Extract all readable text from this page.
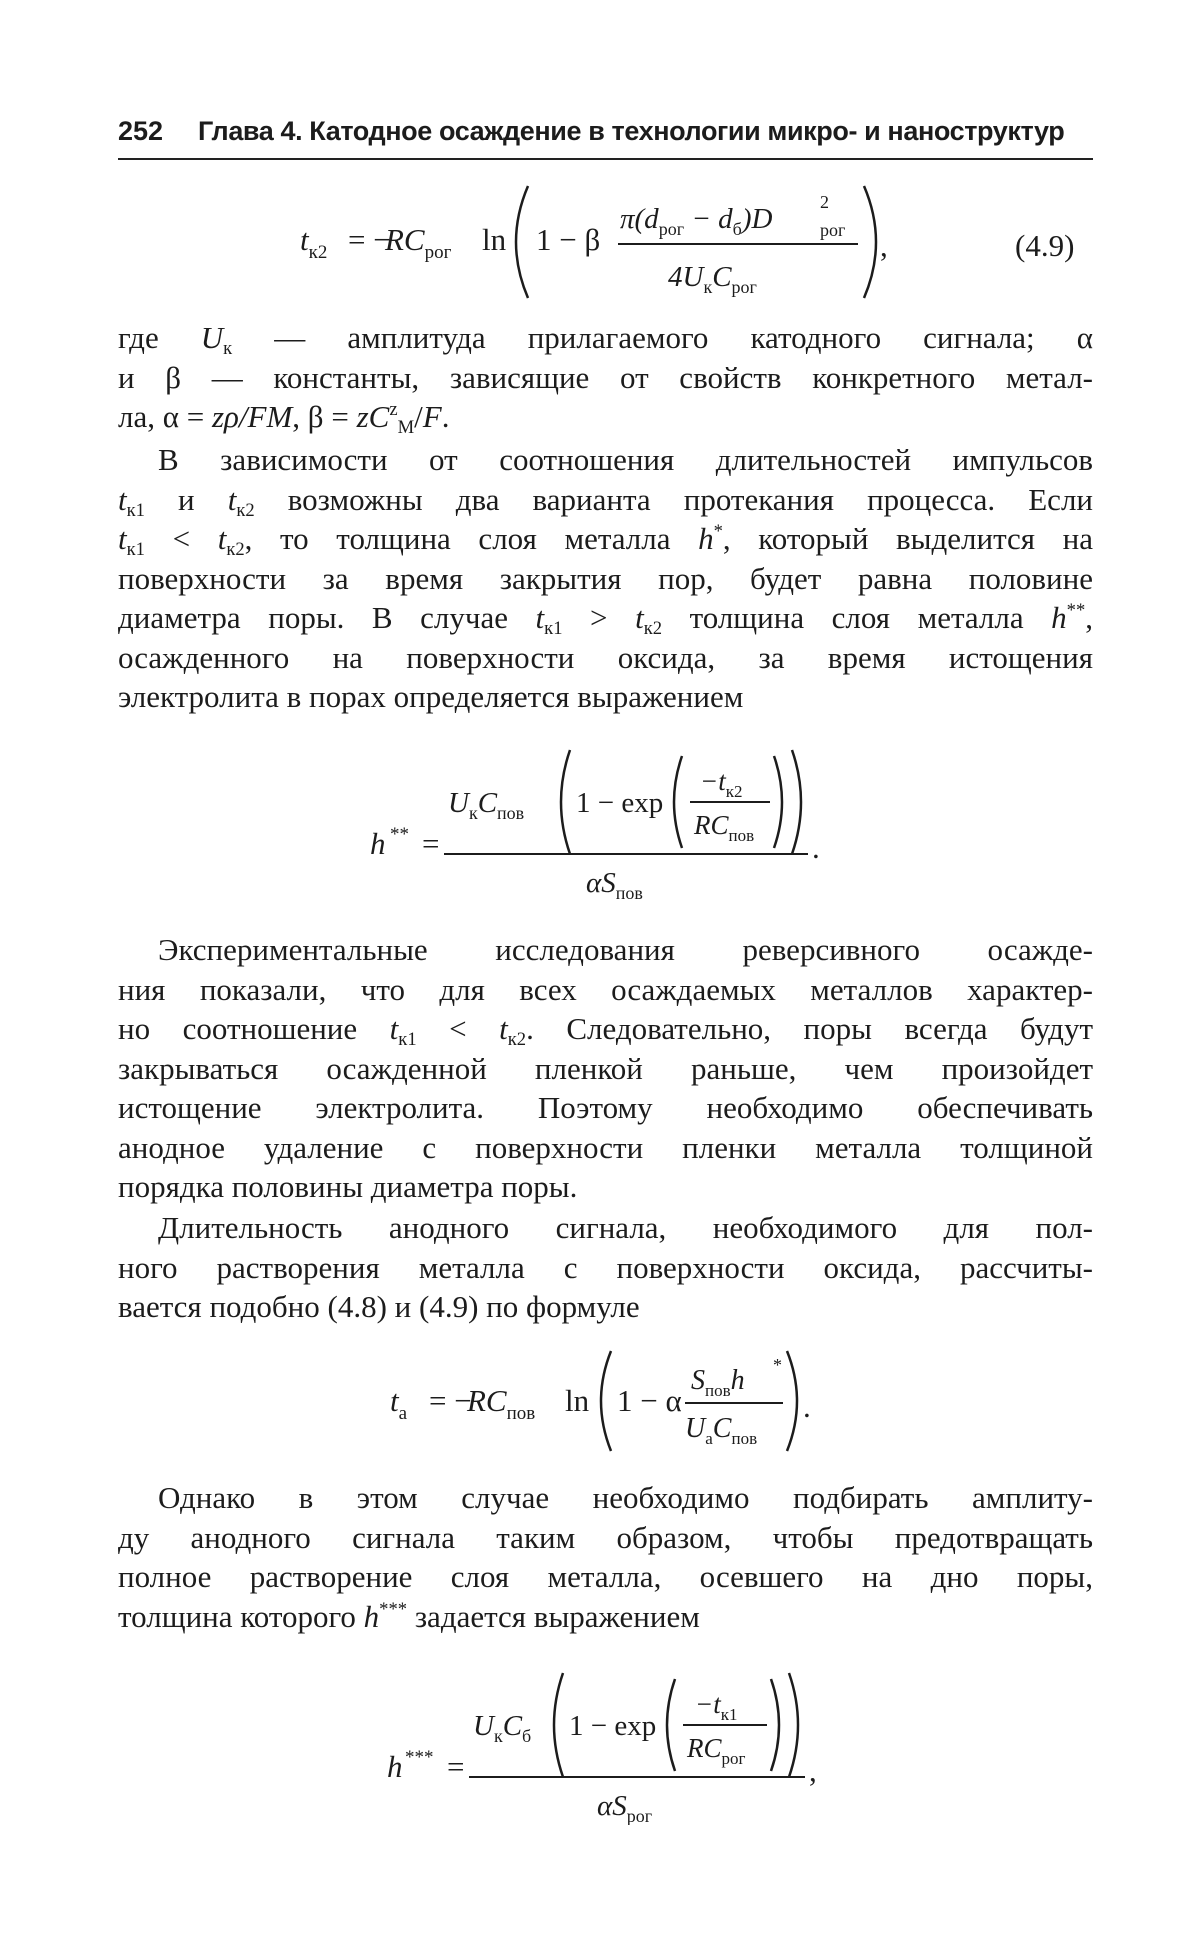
252 Глава 4. Катодное осаждение в технологии микро- и наноструктур
$t_{к2}$ = −
$RC_{рог}$ ln 1 − β
$\pi(d_{рог} - d_б)D$
2
рог
$4U_кC_{рог}$
,	(4.9)
где $U_к$ — амплитуда прилагаемого катодного сигнала; α
и β — константы, зависящие от свойств конкретного метал-
ла, α = zρ/FM, $\beta = zC^z_M/F$.
В зависимости от соотношения длительностей импульсов
$t_{к1}$ и $t_{к2}$ возможны два варианта протекания процесса. Если
$t_{к1} < t_{к2}$, то толщина слоя металла h*, который выделится на
поверхности за время закрытия пор, будет равна половине
диаметра поры. В случае $t_{к1} > t_{к2}$ толщина слоя металла h**,
осажденного на поверхности оксида, за время истощения
электролита в порах определяется выражением
h ** =
$U_кC_{пов}$ 1 − exp
$-t_{к2}$
$RC_{пов}$
$\alpha S_{пов}$
.
Экспериментальные исследования реверсивного осажде-
ния показали, что для всех осаждаемых металлов характер-
но соотношение $t_{к1} < t_{к2}$. Следовательно, поры всегда будут
закрываться осажденной пленкой раньше, чем произойдет
истощение электролита. Поэтому необходимо обеспечивать
анодное удаление с поверхности пленки металла толщиной
порядка половины диаметра поры.
Длительность анодного сигнала, необходимого для пол-
ного растворения металла с поверхности оксида, рассчиты-
вается подобно (4.8) и (4.9) по формуле
$t_а$ = −
$RC_{пов}$ ln 1 − α
$S_{пов}h$ *
$U_аC_{пов}$
.
Однако в этом случае необходимо подбирать амплиту-
ду анодного сигнала таким образом, чтобы предотвращать
полное растворение слоя металла, осевшего на дно поры,
толщина которого h*** задается выражением
h *** =
$U_кC_б$ 1 − exp
$-t_{к1}$
$RC_{рог}$
$\alpha S_{рог}$
,
